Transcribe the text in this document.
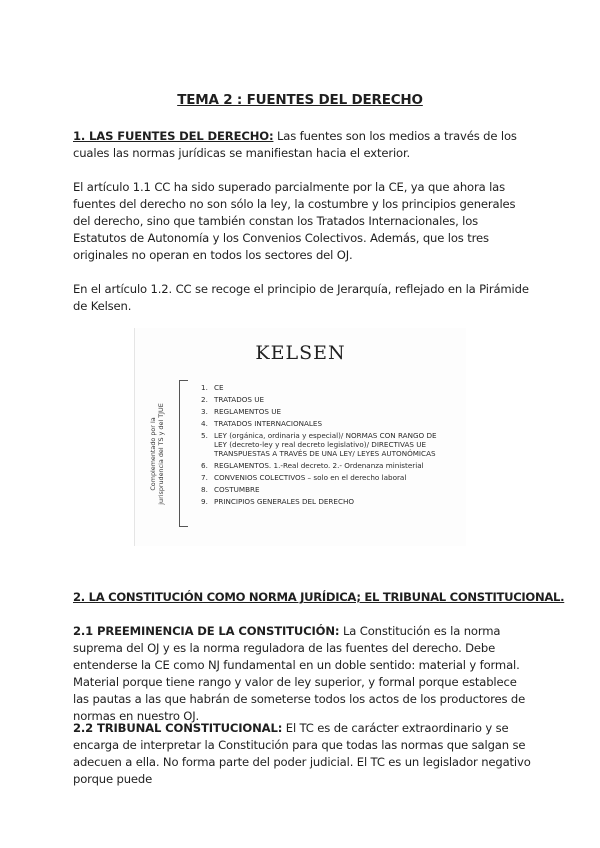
TEMA 2 : FUENTES DEL DERECHO
1. LAS FUENTES DEL DERECHO: Las fuentes son los medios a través de los cuales las normas jurídicas se manifiestan hacia el exterior.
El artículo 1.1 CC ha sido superado parcialmente por la CE, ya que ahora las fuentes del derecho no son sólo la ley, la costumbre y los principios generales del derecho, sino que también constan los Tratados Internacionales, los Estatutos de Autonomía y los Convenios Colectivos. Además, que los tres originales no operan en todos los sectores del OJ.
En el artículo 1.2. CC se recoge el principio de Jerarquía, reflejado en la Pirámide de Kelsen.
KELSEN
Complementado por la jurisprudencia del TS y del TJUE
1. CE
2. TRATADOS UE
3. REGLAMENTOS UE
4. TRATADOS INTERNACIONALES
5. LEY (orgánica, ordinaria y especial)/ NORMAS CON RANGO DE
LEY (decreto-ley y real decreto legislativo)/ DIRECTIVAS UE
TRANSPUESTAS A TRAVÉS DE UNA LEY/ LEYES AUTONÓMICAS
6. REGLAMENTOS. 1.-Real decreto. 2.- Ordenanza ministerial
7. CONVENIOS COLECTIVOS – solo en el derecho laboral
8. COSTUMBRE
9. PRINCIPIOS GENERALES DEL DERECHO
2. LA CONSTITUCIÓN COMO NORMA JURÍDICA; EL TRIBUNAL CONSTITUCIONAL.
2.1 PREEMINENCIA DE LA CONSTITUCIÓN: La Constitución es la norma suprema del OJ y es la norma reguladora de las fuentes del derecho. Debe entenderse la CE como NJ fundamental en un doble sentido: material y formal. Material porque tiene rango y valor de ley superior, y formal porque establece las pautas a las que habrán de someterse todos los actos de los productores de normas en nuestro OJ.
2.2 TRIBUNAL CONSTITUCIONAL: El TC es de carácter extraordinario y se encarga de interpretar la Constitución para que todas las normas que salgan se adecuen a ella. No forma parte del poder judicial. El TC es un legislador negativo porque puede
